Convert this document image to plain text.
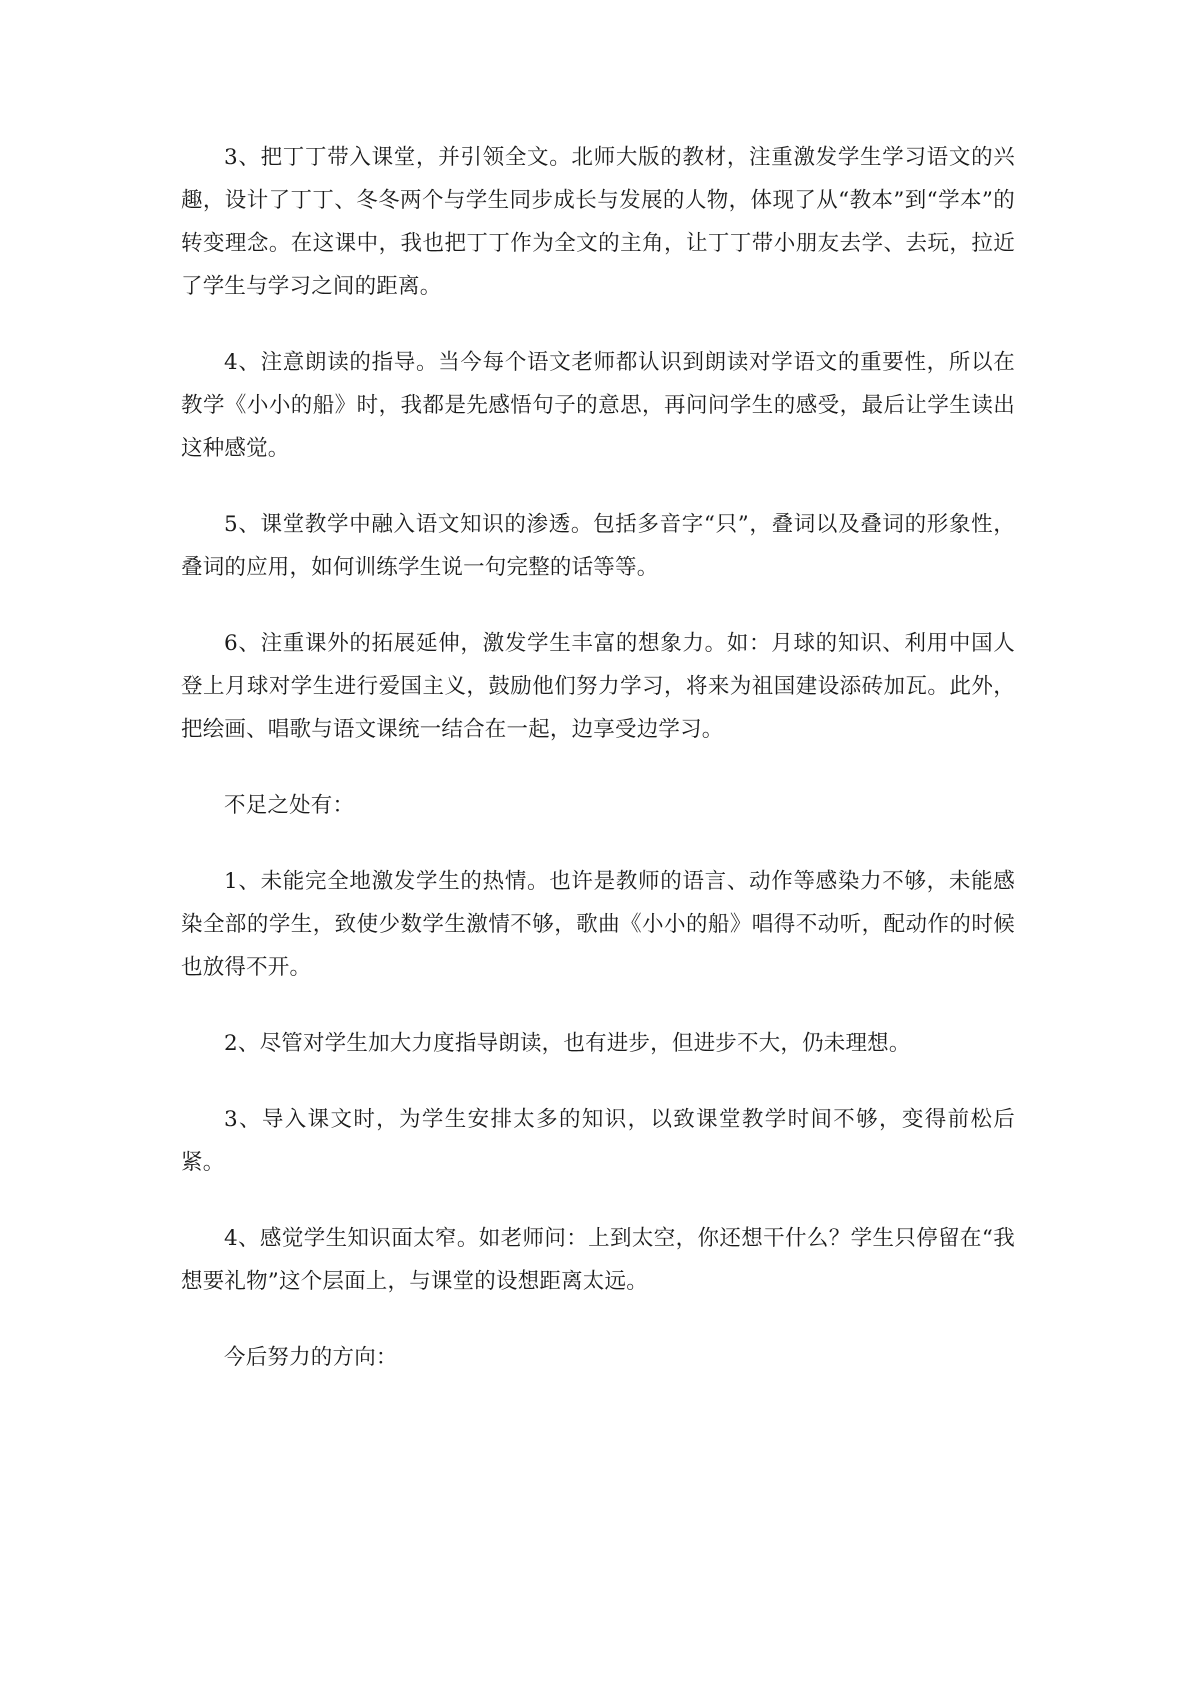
3、把丁丁带入课堂，并引领全文。北师大版的教材，注重激发学生学习语文的兴趣，设计了丁丁、冬冬两个与学生同步成长与发展的人物，体现了从“教本”到“学本”的转变理念。在这课中，我也把丁丁作为全文的主角，让丁丁带小朋友去学、去玩，拉近了学生与学习之间的距离。

4、注意朗读的指导。当今每个语文老师都认识到朗读对学语文的重要性，所以在教学《小小的船》时，我都是先感悟句子的意思，再问问学生的感受，最后让学生读出这种感觉。

5、课堂教学中融入语文知识的渗透。包括多音字“只”，叠词以及叠词的形象性，叠词的应用，如何训练学生说一句完整的话等等。

6、注重课外的拓展延伸，激发学生丰富的想象力。如：月球的知识、利用中国人登上月球对学生进行爱国主义，鼓励他们努力学习，将来为祖国建设添砖加瓦。此外，把绘画、唱歌与语文课统一结合在一起，边享受边学习。

不足之处有：

1、未能完全地激发学生的热情。也许是教师的语言、动作等感染力不够，未能感染全部的学生，致使少数学生激情不够，歌曲《小小的船》唱得不动听，配动作的时候也放得不开。

2、尽管对学生加大力度指导朗读，也有进步，但进步不大，仍未理想。

3、导入课文时，为学生安排太多的知识，以致课堂教学时间不够，变得前松后紧。

4、感觉学生知识面太窄。如老师问：上到太空，你还想干什么？学生只停留在“我想要礼物”这个层面上，与课堂的设想距离太远。

今后努力的方向：
